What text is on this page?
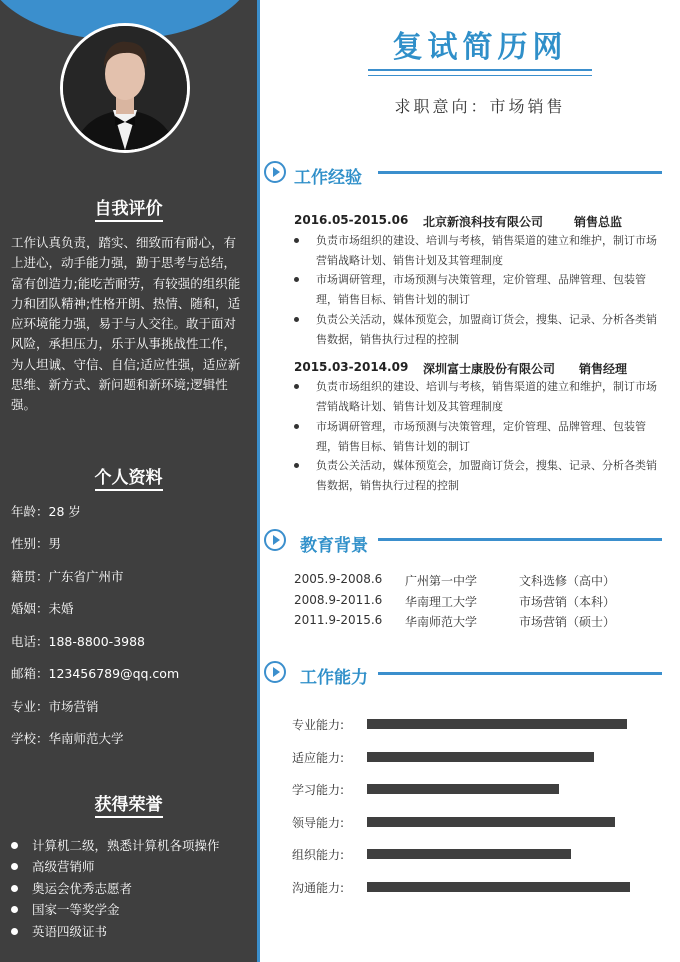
自我评价
工作认真负责，踏实、细致而有耐心，有上进心，动手能力强，勤于思考与总结，富有创造力;能吃苦耐劳，有较强的组织能力和团队精神;性格开朗、热情、随和，适应环境能力强，易于与人交往。敢于面对风险，承担压力，乐于从事挑战性工作，为人坦诚、守信、自信;适应性强，适应新思维、新方式、新问题和新环境;逻辑性强。
个人资料
年龄：28 岁
性别：男
籍贯：广东省广州市
婚姻：未婚
电话：188-8800-3988
邮箱：123456789@qq.com
专业：市场营销
学校：华南师范大学
获得荣誉
计算机二级，熟悉计算机各项操作
高级营销师
奥运会优秀志愿者
国家一等奖学金
英语四级证书
复试简历网
求职意向：市场销售
工作经验
2016.05-2015.06 北京新浪科技有限公司	销售总监
负责市场组织的建设、培训与考核，销售渠道的建立和维护，制订市场营销战略计划、销售计划及其管理制度
市场调研管理，市场预测与决策管理，定价管理、品牌管理、包装管理，销售目标、销售计划的制订
负责公关活动，媒体预览会，加盟商订货会，搜集、记录、分析各类销售数据，销售执行过程的控制
2015.03-2014.09 深圳富士康股份有限公司 销售经理
负责市场组织的建设、培训与考核，销售渠道的建立和维护，制订市场营销战略计划、销售计划及其管理制度
市场调研管理，市场预测与决策管理，定价管理、品牌管理、包装管理，销售目标、销售计划的制订
负责公关活动，媒体预览会，加盟商订货会，搜集、记录、分析各类销售数据，销售执行过程的控制
教育背景
2005.9-2008.6 广州第一中学	文科选修（高中）
2008.9-2011.6 华南理工大学	市场营销（本科）
2011.9-2015.6 华南师范大学	市场营销（硕士）
工作能力
专业能力:
适应能力:
学习能力:
领导能力:
组织能力:
沟通能力:
